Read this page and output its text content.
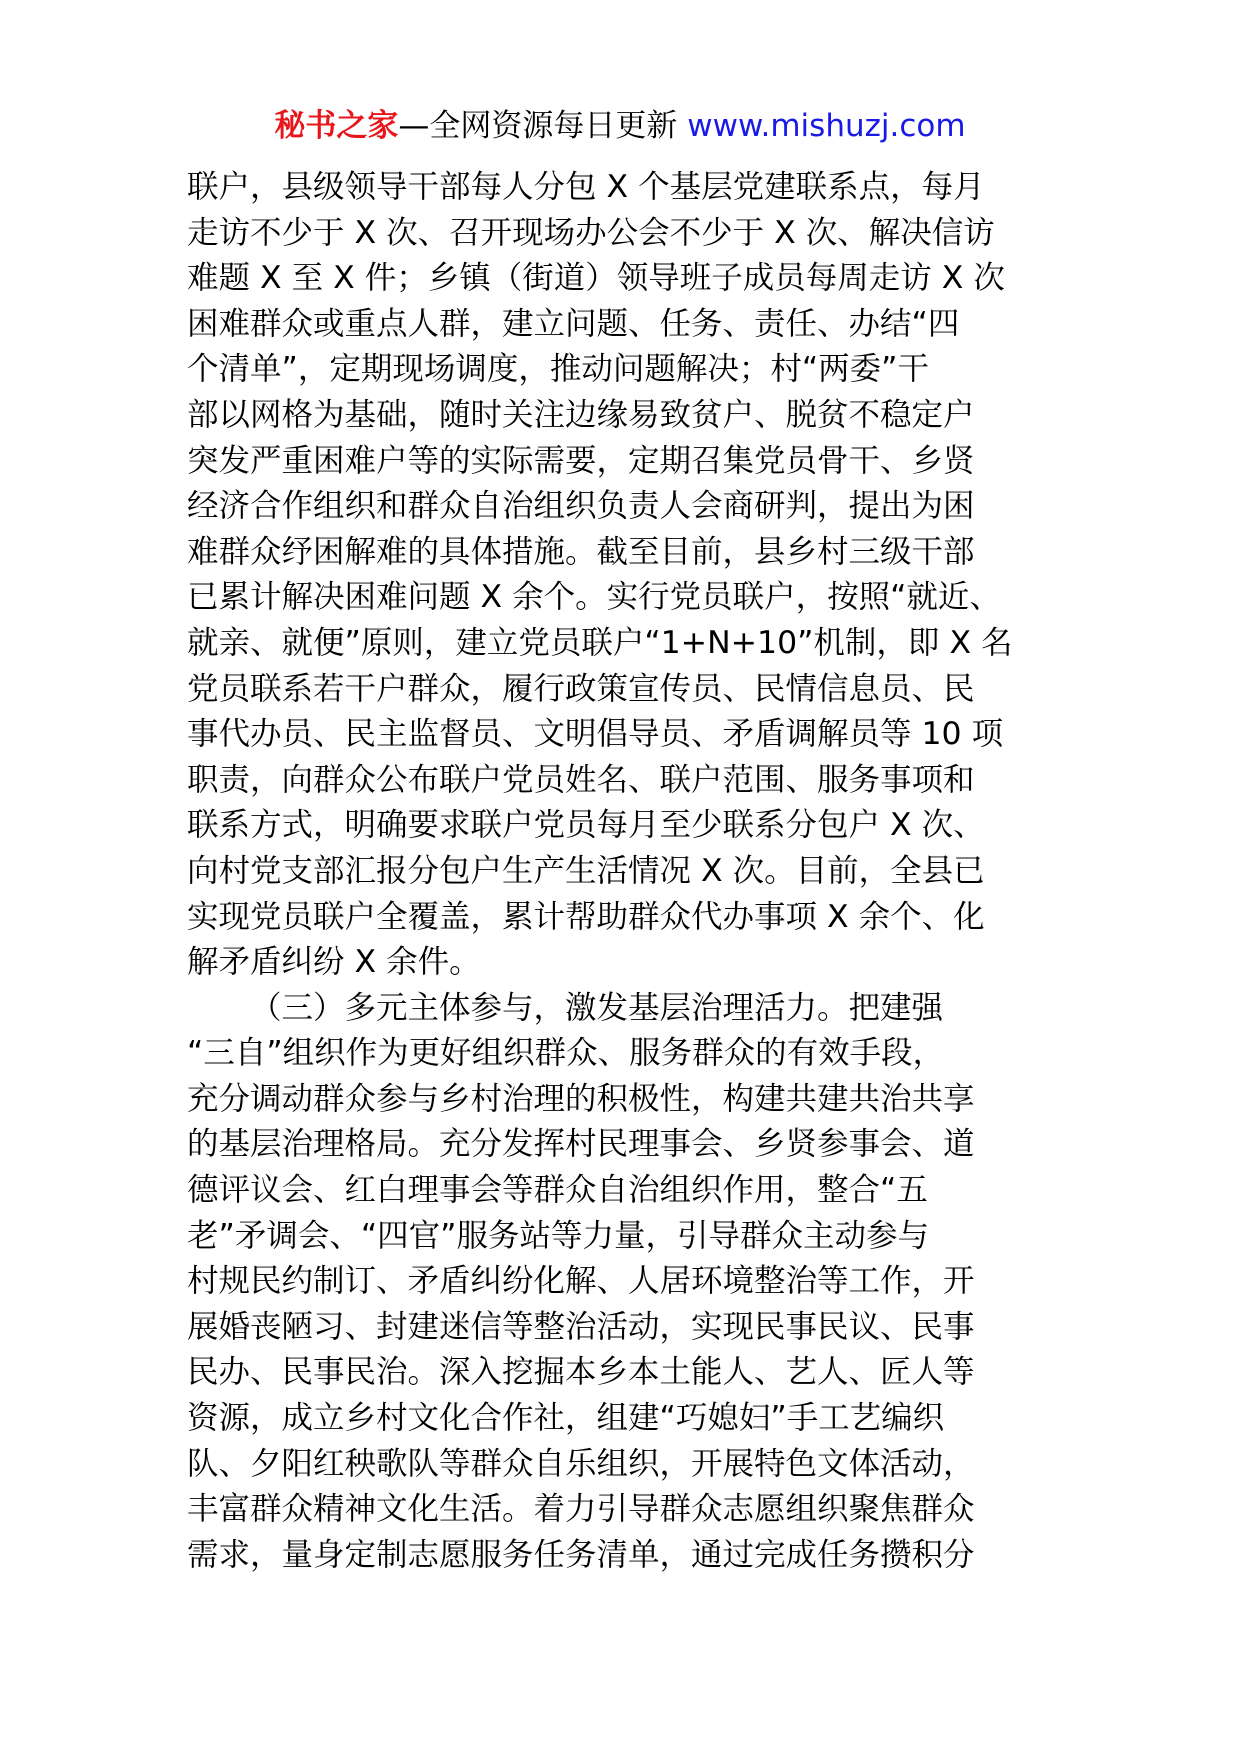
秘书之家—全网资源每日更新 www.mishuzj.com
联户，县级领导干部每人分包 X 个基层党建联系点，每月
走访不少于 X 次、召开现场办公会不少于 X 次、解决信访
难题 X 至 X 件；乡镇（街道）领导班子成员每周走访 X 次
困难群众或重点人群，建立问题、任务、责任、办结“四
个清单”，定期现场调度，推动问题解决；村“两委”干
部以网格为基础，随时关注边缘易致贫户、脱贫不稳定户
突发严重困难户等的实际需要，定期召集党员骨干、乡贤
经济合作组织和群众自治组织负责人会商研判，提出为困
难群众纾困解难的具体措施。截至目前，县乡村三级干部
已累计解决困难问题 X 余个。实行党员联户，按照“就近、
就亲、就便”原则，建立党员联户“1+N+10”机制，即 X 名
党员联系若干户群众，履行政策宣传员、民情信息员、民
事代办员、民主监督员、文明倡导员、矛盾调解员等 10 项
职责，向群众公布联户党员姓名、联户范围、服务事项和
联系方式，明确要求联户党员每月至少联系分包户 X 次、
向村党支部汇报分包户生产生活情况 X 次。目前，全县已
实现党员联户全覆盖，累计帮助群众代办事项 X 余个、化
解矛盾纠纷 X 余件。
（三）多元主体参与，激发基层治理活力。把建强
“三自”组织作为更好组织群众、服务群众的有效手段，
充分调动群众参与乡村治理的积极性，构建共建共治共享
的基层治理格局。充分发挥村民理事会、乡贤参事会、道
德评议会、红白理事会等群众自治组织作用，整合“五
老”矛调会、“四官”服务站等力量，引导群众主动参与
村规民约制订、矛盾纠纷化解、人居环境整治等工作，开
展婚丧陋习、封建迷信等整治活动，实现民事民议、民事
民办、民事民治。深入挖掘本乡本土能人、艺人、匠人等
资源，成立乡村文化合作社，组建“巧媳妇”手工艺编织
队、夕阳红秧歌队等群众自乐组织，开展特色文体活动，
丰富群众精神文化生活。着力引导群众志愿组织聚焦群众
需求，量身定制志愿服务任务清单，通过完成任务攒积分
